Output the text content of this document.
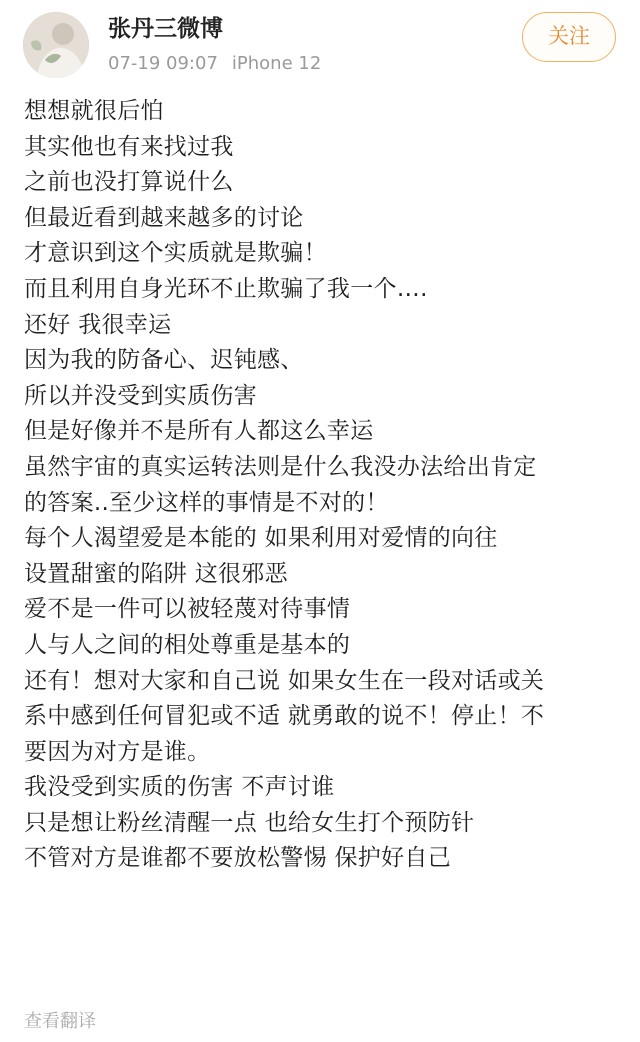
张丹三微博
07-19 09:07 iPhone 12
关注
想想就很后怕
其实他也有来找过我
之前也没打算说什么
但最近看到越来越多的讨论
才意识到这个实质就是欺骗！
而且利用自身光环不止欺骗了我一个….
还好 我很幸运
因为我的防备心、迟钝感、
所以并没受到实质伤害
但是好像并不是所有人都这么幸运
虽然宇宙的真实运转法则是什么我没办法给出肯定
的答案..至少这样的事情是不对的！
每个人渴望爱是本能的 如果利用对爱情的向往
设置甜蜜的陷阱 这很邪恶
爱不是一件可以被轻蔑对待事情
人与人之间的相处尊重是基本的
还有！想对大家和自己说 如果女生在一段对话或关
系中感到任何冒犯或不适 就勇敢的说不！停止！不
要因为对方是谁。
我没受到实质的伤害 不声讨谁
只是想让粉丝清醒一点 也给女生打个预防针
不管对方是谁都不要放松警惕 保护好自己
查看翻译
